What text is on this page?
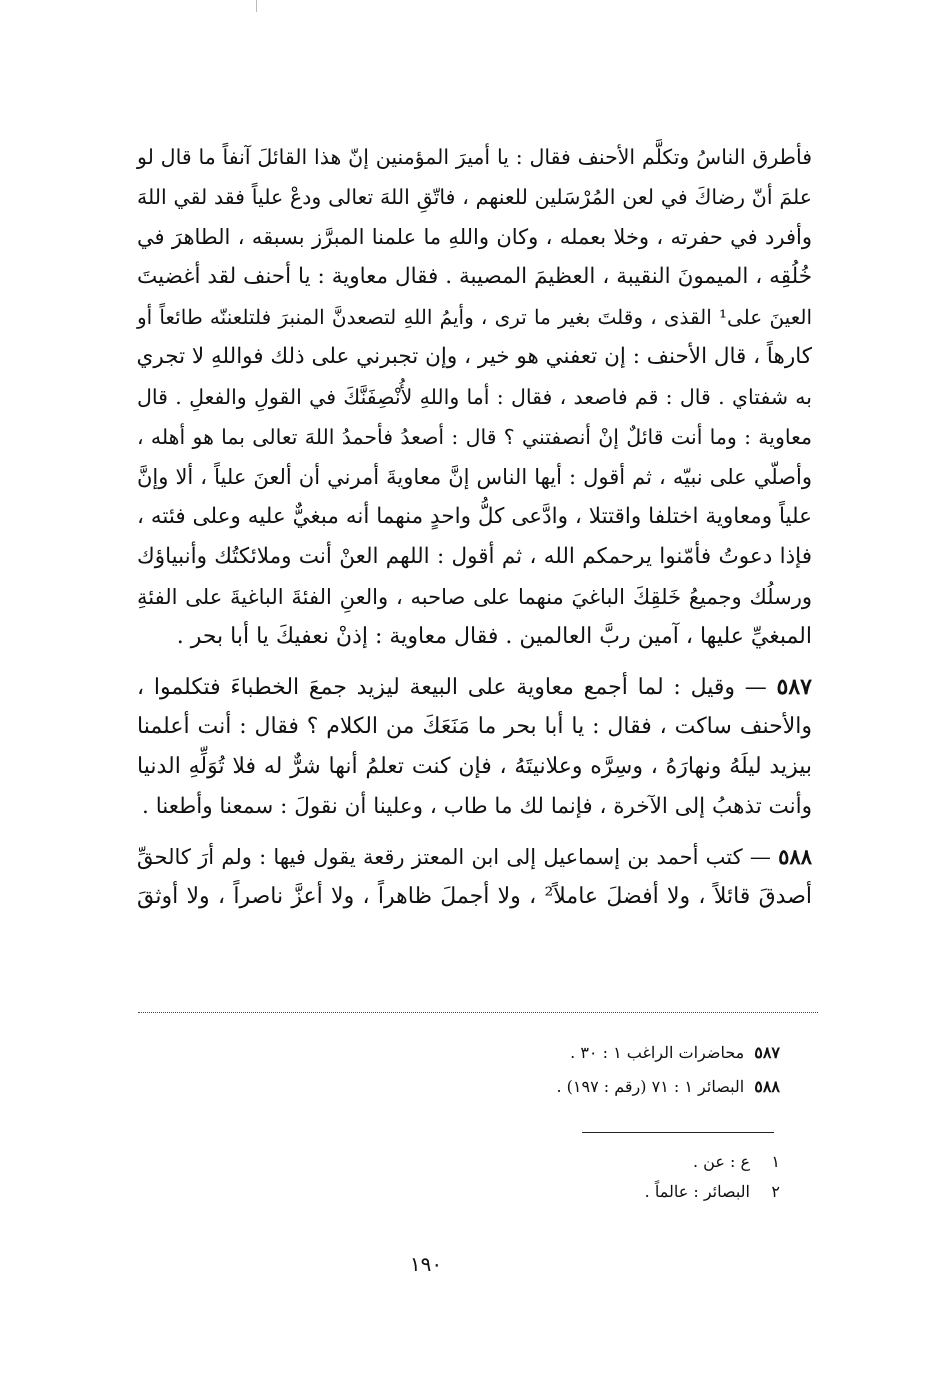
فأطرق الناسُ وتكلَّم الأحنف فقال : يا أميرَ المؤمنين إنّ هذا القائلَ آنفاً ما قال لو
علمَ أنّ رضاكَ في لعن المُرْسَلين للعنهم ، فاتّقِ اللهَ تعالى ودعْ علياً فقد لقي اللهَ
وأفرد في حفرته ، وخلا بعمله ، وكان واللهِ ما علمنا المبرَّز بسبقه ، الطاهرَ في
خُلُقِه ، الميمونَ النقيبة ، العظيمَ المصيبة . فقال معاوية : يا أحنف لقد أغضيتَ
العينَ على¹ القذى ، وقلتَ بغير ما ترى ، وأيمُ اللهِ لتصعدنَّ المنبرَ فلتلعننّه طائعاً أو
كارهاً ، قال الأحنف : إن تعفني هو خير ، وإن تجبرني على ذلك فواللهِ لا تجري
به شفتاي . قال : قم فاصعد ، فقال : أما واللهِ لأُنْصِفَنَّكَ في القولِ والفعلِ . قال
معاوية : وما أنت قائلٌ إنْ أنصفتني ؟ قال : أصعدُ فأحمدُ اللهَ تعالى بما هو أهله ،
وأصلّي على نبيّه ، ثم أقول : أيها الناس إنَّ معاويةَ أمرني أن ألعنَ علياً ، ألا وإنَّ
علياً ومعاوية اختلفا واقتتلا ، وادَّعى كلُّ واحدٍ منهما أنه مبغيٌّ عليه وعلى فئته ،
فإذا دعوتُ فأمّنوا يرحمكم الله ، ثم أقول : اللهم العنْ أنت وملائكتُك وأنبياؤك
ورسلُك وجميعُ خَلقِكَ الباغيَ منهما على صاحبه ، والعنِ الفئةَ الباغيةَ على الفئةِ
المبغيِّ عليها ، آمين ربَّ العالمين . فقال معاوية : إذنْ نعفيكَ يا أبا بحر .
٥٨٧ — وقيل : لما أجمع معاوية على البيعة ليزيد جمعَ الخطباءَ فتكلموا ،
والأحنف ساكت ، فقال : يا أبا بحر ما مَنَعَكَ من الكلام ؟ فقال : أنت أعلمنا
بيزيد ليلَهُ ونهارَهُ ، وسِرَّه وعلانيتَهُ ، فإن كنت تعلمُ أنها شرٌّ له فلا تُوَلِّهِ الدنيا
وأنت تذهبُ إلى الآخرة ، فإنما لك ما طاب ، وعلينا أن نقولَ : سمعنا وأطعنا .
٥٨٨ — كتب أحمد بن إسماعيل إلى ابن المعتز رقعة يقول فيها : ولم أرَ كالحقِّ
أصدقَ قائلاً ، ولا أفضلَ عاملاً² ، ولا أجملَ ظاهراً ، ولا أعزَّ ناصراً ، ولا أوثقَ
٥٨٧محاضرات الراغب ١ : ٣٠ .
٥٨٨البصائر ١ : ٧١ (رقم : ١٩٧) .
١ع : عن .
٢البصائر : عالماً .
١٩٠
